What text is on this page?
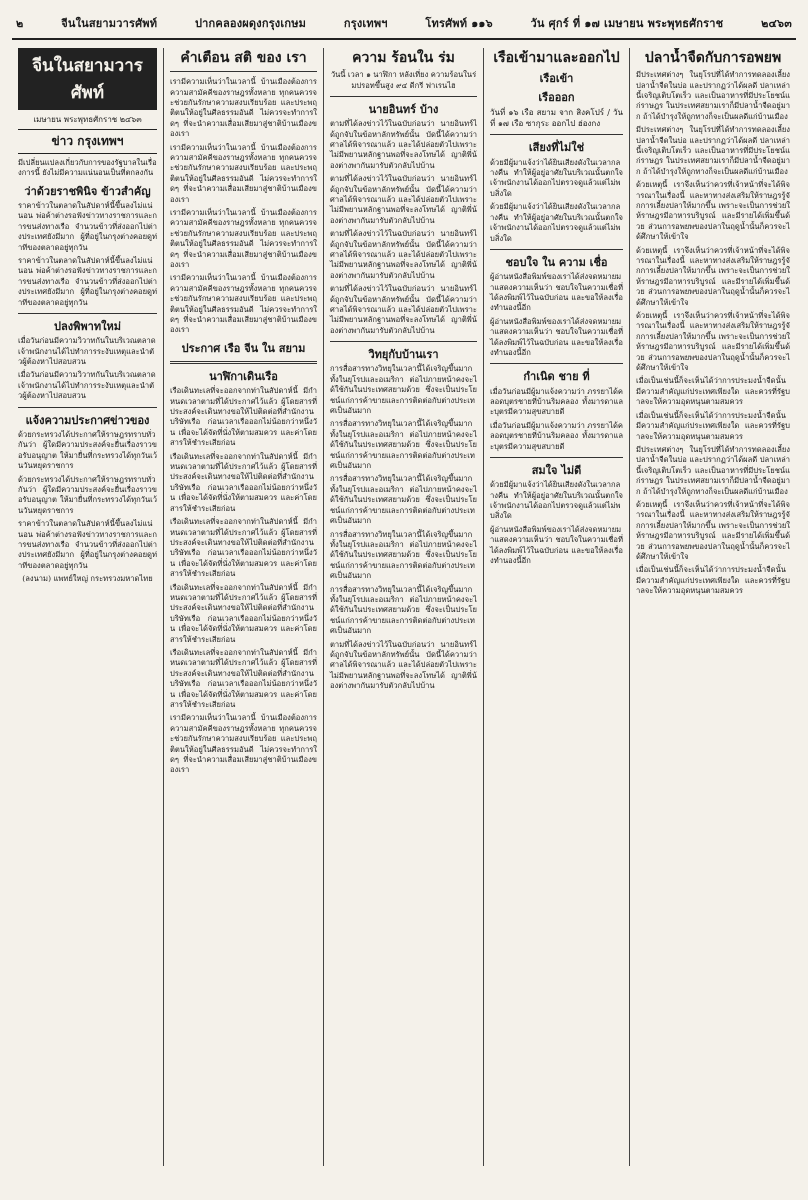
๒	จีนในสยามวารศัพท์	ปากคลองผดุงกรุงเกษม	กรุงเทพฯ	โทรศัพท์ ๑๑๖	วัน ศุกร์ ที่ ๑๗ เมษายน พระพุทธศักราช	๒๔๖๓
จีนในสยามวารศัพท์

เมษายน พระพุทธศักราช ๒๔๖๓

ข่าว กรุงเทพฯ

มีเปลี่ยนแปลงเกี่ยวกับการของรัฐบาลในเรื่องการนี้ ยังไม่มีความแน่นอนเป็นที่ตกลงกัน

ว่าด้วยราชพินิจ ข้าวสำคัญ

ราคาข้าวในตลาดในสัปดาห์นี้ขึ้นลงไม่แน่นอน พ่อค้าต่างรอฟังข่าวทางราชการและการขนส่งทางเรือ จำนวนข้าวที่ส่งออกไปต่างประเทศยังมีมาก ผู้ที่อยู่ในกรุงต่างคอยดูท่าทีของตลาดอยู่ทุกวัน

ราคาข้าวในตลาดในสัปดาห์นี้ขึ้นลงไม่แน่นอน พ่อค้าต่างรอฟังข่าวทางราชการและการขนส่งทางเรือ จำนวนข้าวที่ส่งออกไปต่างประเทศยังมีมาก ผู้ที่อยู่ในกรุงต่างคอยดูท่าทีของตลาดอยู่ทุกวัน

ปลงพิพาทใหม่

เมื่อวันก่อนมีความวิวาทกันในบริเวณตลาด เจ้าพนักงานได้ไปทำการระงับเหตุและนำตัวผู้ต้องหาไปสอบสวน

เมื่อวันก่อนมีความวิวาทกันในบริเวณตลาด เจ้าพนักงานได้ไปทำการระงับเหตุและนำตัวผู้ต้องหาไปสอบสวน

แจ้งความประกาศข่าวของ

ด้วยกระทรวงได้ประกาศให้ราษฎรทราบทั่วกันว่า ผู้ใดมีความประสงค์จะยื่นเรื่องราวขอรับอนุญาต ให้มายื่นที่กระทรวงได้ทุกวันเว้นวันหยุดราชการ

ด้วยกระทรวงได้ประกาศให้ราษฎรทราบทั่วกันว่า ผู้ใดมีความประสงค์จะยื่นเรื่องราวขอรับอนุญาต ให้มายื่นที่กระทรวงได้ทุกวันเว้นวันหยุดราชการ

ราคาข้าวในตลาดในสัปดาห์นี้ขึ้นลงไม่แน่นอน พ่อค้าต่างรอฟังข่าวทางราชการและการขนส่งทางเรือ จำนวนข้าวที่ส่งออกไปต่างประเทศยังมีมาก ผู้ที่อยู่ในกรุงต่างคอยดูท่าทีของตลาดอยู่ทุกวัน

(ลงนาม) แพทย์ใหญ่ กระทรวงมหาดไทย

คำเตือน สติ ของ เรา

เรามีความเห็นว่าในเวลานี้ บ้านเมืองต้องการความสามัคคีของราษฎรทั้งหลาย ทุกคนควรจะช่วยกันรักษาความสงบเรียบร้อย และประพฤติตนให้อยู่ในศีลธรรมอันดี ไม่ควรจะทำการใดๆ ที่จะนำความเสื่อมเสียมาสู่ชาติบ้านเมืองของเรา

เรามีความเห็นว่าในเวลานี้ บ้านเมืองต้องการความสามัคคีของราษฎรทั้งหลาย ทุกคนควรจะช่วยกันรักษาความสงบเรียบร้อย และประพฤติตนให้อยู่ในศีลธรรมอันดี ไม่ควรจะทำการใดๆ ที่จะนำความเสื่อมเสียมาสู่ชาติบ้านเมืองของเรา

เรามีความเห็นว่าในเวลานี้ บ้านเมืองต้องการความสามัคคีของราษฎรทั้งหลาย ทุกคนควรจะช่วยกันรักษาความสงบเรียบร้อย และประพฤติตนให้อยู่ในศีลธรรมอันดี ไม่ควรจะทำการใดๆ ที่จะนำความเสื่อมเสียมาสู่ชาติบ้านเมืองของเรา

เรามีความเห็นว่าในเวลานี้ บ้านเมืองต้องการความสามัคคีของราษฎรทั้งหลาย ทุกคนควรจะช่วยกันรักษาความสงบเรียบร้อย และประพฤติตนให้อยู่ในศีลธรรมอันดี ไม่ควรจะทำการใดๆ ที่จะนำความเสื่อมเสียมาสู่ชาติบ้านเมืองของเรา

ประกาศ เรือ จีน ใน สยาม
นาฬิกาเดินเรือ

เรือเดินทะเลที่จะออกจากท่าในสัปดาห์นี้ มีกำหนดเวลาตามที่ได้ประกาศไว้แล้ว ผู้โดยสารที่ประสงค์จะเดินทางขอให้ไปติดต่อที่สำนักงานบริษัทเรือ ก่อนเวลาเรือออกไม่น้อยกว่าหนึ่งวัน เพื่อจะได้จัดที่นั่งให้ตามสมควร และค่าโดยสารให้ชำระเสียก่อน

เรือเดินทะเลที่จะออกจากท่าในสัปดาห์นี้ มีกำหนดเวลาตามที่ได้ประกาศไว้แล้ว ผู้โดยสารที่ประสงค์จะเดินทางขอให้ไปติดต่อที่สำนักงานบริษัทเรือ ก่อนเวลาเรือออกไม่น้อยกว่าหนึ่งวัน เพื่อจะได้จัดที่นั่งให้ตามสมควร และค่าโดยสารให้ชำระเสียก่อน

เรือเดินทะเลที่จะออกจากท่าในสัปดาห์นี้ มีกำหนดเวลาตามที่ได้ประกาศไว้แล้ว ผู้โดยสารที่ประสงค์จะเดินทางขอให้ไปติดต่อที่สำนักงานบริษัทเรือ ก่อนเวลาเรือออกไม่น้อยกว่าหนึ่งวัน เพื่อจะได้จัดที่นั่งให้ตามสมควร และค่าโดยสารให้ชำระเสียก่อน

เรือเดินทะเลที่จะออกจากท่าในสัปดาห์นี้ มีกำหนดเวลาตามที่ได้ประกาศไว้แล้ว ผู้โดยสารที่ประสงค์จะเดินทางขอให้ไปติดต่อที่สำนักงานบริษัทเรือ ก่อนเวลาเรือออกไม่น้อยกว่าหนึ่งวัน เพื่อจะได้จัดที่นั่งให้ตามสมควร และค่าโดยสารให้ชำระเสียก่อน

เรือเดินทะเลที่จะออกจากท่าในสัปดาห์นี้ มีกำหนดเวลาตามที่ได้ประกาศไว้แล้ว ผู้โดยสารที่ประสงค์จะเดินทางขอให้ไปติดต่อที่สำนักงานบริษัทเรือ ก่อนเวลาเรือออกไม่น้อยกว่าหนึ่งวัน เพื่อจะได้จัดที่นั่งให้ตามสมควร และค่าโดยสารให้ชำระเสียก่อน

เรามีความเห็นว่าในเวลานี้ บ้านเมืองต้องการความสามัคคีของราษฎรทั้งหลาย ทุกคนควรจะช่วยกันรักษาความสงบเรียบร้อย และประพฤติตนให้อยู่ในศีลธรรมอันดี ไม่ควรจะทำการใดๆ ที่จะนำความเสื่อมเสียมาสู่ชาติบ้านเมืองของเรา

ความ ร้อนใน ร่ม

วันนี้ เวลา ๑ นาฬิกา หลังเที่ยง ความร้อนในร่มปรอทขึ้นสูง ๙๔ ดีกรี ฟาเรนไฮ

นายอินทร์ บ้าง

ตามที่ได้ลงข่าวไว้ในฉบับก่อนว่า นายอินทร์ได้ถูกจับในข้อหาลักทรัพย์นั้น บัดนี้ได้ความว่าศาลได้พิจารณาแล้ว และได้ปล่อยตัวไปเพราะไม่มีพยานหลักฐานพอที่จะลงโทษได้ ญาติพี่น้องต่างพากันมารับตัวกลับไปบ้าน

ตามที่ได้ลงข่าวไว้ในฉบับก่อนว่า นายอินทร์ได้ถูกจับในข้อหาลักทรัพย์นั้น บัดนี้ได้ความว่าศาลได้พิจารณาแล้ว และได้ปล่อยตัวไปเพราะไม่มีพยานหลักฐานพอที่จะลงโทษได้ ญาติพี่น้องต่างพากันมารับตัวกลับไปบ้าน

ตามที่ได้ลงข่าวไว้ในฉบับก่อนว่า นายอินทร์ได้ถูกจับในข้อหาลักทรัพย์นั้น บัดนี้ได้ความว่าศาลได้พิจารณาแล้ว และได้ปล่อยตัวไปเพราะไม่มีพยานหลักฐานพอที่จะลงโทษได้ ญาติพี่น้องต่างพากันมารับตัวกลับไปบ้าน

ตามที่ได้ลงข่าวไว้ในฉบับก่อนว่า นายอินทร์ได้ถูกจับในข้อหาลักทรัพย์นั้น บัดนี้ได้ความว่าศาลได้พิจารณาแล้ว และได้ปล่อยตัวไปเพราะไม่มีพยานหลักฐานพอที่จะลงโทษได้ ญาติพี่น้องต่างพากันมารับตัวกลับไปบ้าน

วิทยุกับบ้านเรา

การสื่อสารทางวิทยุในเวลานี้ได้เจริญขึ้นมาก ทั้งในยุโรปและอเมริกา ต่อไปภายหน้าคงจะได้ใช้กันในประเทศสยามด้วย ซึ่งจะเป็นประโยชน์แก่การค้าขายและการติดต่อกับต่างประเทศเป็นอันมาก

การสื่อสารทางวิทยุในเวลานี้ได้เจริญขึ้นมาก ทั้งในยุโรปและอเมริกา ต่อไปภายหน้าคงจะได้ใช้กันในประเทศสยามด้วย ซึ่งจะเป็นประโยชน์แก่การค้าขายและการติดต่อกับต่างประเทศเป็นอันมาก

การสื่อสารทางวิทยุในเวลานี้ได้เจริญขึ้นมาก ทั้งในยุโรปและอเมริกา ต่อไปภายหน้าคงจะได้ใช้กันในประเทศสยามด้วย ซึ่งจะเป็นประโยชน์แก่การค้าขายและการติดต่อกับต่างประเทศเป็นอันมาก

การสื่อสารทางวิทยุในเวลานี้ได้เจริญขึ้นมาก ทั้งในยุโรปและอเมริกา ต่อไปภายหน้าคงจะได้ใช้กันในประเทศสยามด้วย ซึ่งจะเป็นประโยชน์แก่การค้าขายและการติดต่อกับต่างประเทศเป็นอันมาก

การสื่อสารทางวิทยุในเวลานี้ได้เจริญขึ้นมาก ทั้งในยุโรปและอเมริกา ต่อไปภายหน้าคงจะได้ใช้กันในประเทศสยามด้วย ซึ่งจะเป็นประโยชน์แก่การค้าขายและการติดต่อกับต่างประเทศเป็นอันมาก

ตามที่ได้ลงข่าวไว้ในฉบับก่อนว่า นายอินทร์ได้ถูกจับในข้อหาลักทรัพย์นั้น บัดนี้ได้ความว่าศาลได้พิจารณาแล้ว และได้ปล่อยตัวไปเพราะไม่มีพยานหลักฐานพอที่จะลงโทษได้ ญาติพี่น้องต่างพากันมารับตัวกลับไปบ้าน

เรือเข้ามาและออกไป
เรือเข้า
เรือออก

วันที่ ๑๖ เรือ สยาม จาก สิงคโปร์ / วันที่ ๑๗ เรือ ซากุระ ออกไป ฮ่องกง

เสียงที่ไม่ใช่

ด้วยมีผู้มาแจ้งว่าได้ยินเสียงดังในเวลากลางคืน ทำให้ผู้อยู่อาศัยในบริเวณนั้นตกใจ เจ้าพนักงานได้ออกไปตรวจดูแล้วแต่ไม่พบสิ่งใด

ด้วยมีผู้มาแจ้งว่าได้ยินเสียงดังในเวลากลางคืน ทำให้ผู้อยู่อาศัยในบริเวณนั้นตกใจ เจ้าพนักงานได้ออกไปตรวจดูแล้วแต่ไม่พบสิ่งใด

ชอบใจ ใน ความ เชื่อ

ผู้อ่านหนังสือพิมพ์ของเราได้ส่งจดหมายมาแสดงความเห็นว่า ชอบใจในความเชื่อที่ได้ลงพิมพ์ไว้ในฉบับก่อน และขอให้ลงเรื่องทำนองนี้อีก

ผู้อ่านหนังสือพิมพ์ของเราได้ส่งจดหมายมาแสดงความเห็นว่า ชอบใจในความเชื่อที่ได้ลงพิมพ์ไว้ในฉบับก่อน และขอให้ลงเรื่องทำนองนี้อีก

กำเนิด ชาย ที่

เมื่อวันก่อนมีผู้มาแจ้งความว่า ภรรยาได้คลอดบุตรชายที่บ้านริมคลอง ทั้งมารดาและบุตรมีความสุขสบายดี

เมื่อวันก่อนมีผู้มาแจ้งความว่า ภรรยาได้คลอดบุตรชายที่บ้านริมคลอง ทั้งมารดาและบุตรมีความสุขสบายดี

สมใจ ไม่ดี

ด้วยมีผู้มาแจ้งว่าได้ยินเสียงดังในเวลากลางคืน ทำให้ผู้อยู่อาศัยในบริเวณนั้นตกใจ เจ้าพนักงานได้ออกไปตรวจดูแล้วแต่ไม่พบสิ่งใด

ผู้อ่านหนังสือพิมพ์ของเราได้ส่งจดหมายมาแสดงความเห็นว่า ชอบใจในความเชื่อที่ได้ลงพิมพ์ไว้ในฉบับก่อน และขอให้ลงเรื่องทำนองนี้อีก

ปลาน้ำจืดกับการอพยพ

มีประเทศต่างๆ ในยุโรปที่ได้ทำการทดลองเลี้ยงปลาน้ำจืดในบ่อ และปรากฏว่าได้ผลดี ปลาเหล่านี้เจริญเติบโตเร็ว และเป็นอาหารที่มีประโยชน์แก่ราษฎร ในประเทศสยามเราก็มีปลาน้ำจืดอยู่มาก ถ้าได้บำรุงให้ถูกทางก็จะเป็นผลดีแก่บ้านเมือง

มีประเทศต่างๆ ในยุโรปที่ได้ทำการทดลองเลี้ยงปลาน้ำจืดในบ่อ และปรากฏว่าได้ผลดี ปลาเหล่านี้เจริญเติบโตเร็ว และเป็นอาหารที่มีประโยชน์แก่ราษฎร ในประเทศสยามเราก็มีปลาน้ำจืดอยู่มาก ถ้าได้บำรุงให้ถูกทางก็จะเป็นผลดีแก่บ้านเมือง

ด้วยเหตุนี้ เราจึงเห็นว่าควรที่เจ้าหน้าที่จะได้พิจารณาในเรื่องนี้ และหาทางส่งเสริมให้ราษฎรรู้จักการเลี้ยงปลาให้มากขึ้น เพราะจะเป็นการช่วยให้ราษฎรมีอาหารบริบูรณ์ และมีรายได้เพิ่มขึ้นด้วย ส่วนการอพยพของปลาในฤดูน้ำนั้นก็ควรจะได้ศึกษาให้เข้าใจ

ด้วยเหตุนี้ เราจึงเห็นว่าควรที่เจ้าหน้าที่จะได้พิจารณาในเรื่องนี้ และหาทางส่งเสริมให้ราษฎรรู้จักการเลี้ยงปลาให้มากขึ้น เพราะจะเป็นการช่วยให้ราษฎรมีอาหารบริบูรณ์ และมีรายได้เพิ่มขึ้นด้วย ส่วนการอพยพของปลาในฤดูน้ำนั้นก็ควรจะได้ศึกษาให้เข้าใจ

ด้วยเหตุนี้ เราจึงเห็นว่าควรที่เจ้าหน้าที่จะได้พิจารณาในเรื่องนี้ และหาทางส่งเสริมให้ราษฎรรู้จักการเลี้ยงปลาให้มากขึ้น เพราะจะเป็นการช่วยให้ราษฎรมีอาหารบริบูรณ์ และมีรายได้เพิ่มขึ้นด้วย ส่วนการอพยพของปลาในฤดูน้ำนั้นก็ควรจะได้ศึกษาให้เข้าใจ

เมื่อเป็นเช่นนี้ก็จะเห็นได้ว่าการประมงน้ำจืดนั้นมีความสำคัญแก่ประเทศเพียงใด และควรที่รัฐบาลจะให้ความอุดหนุนตามสมควร

เมื่อเป็นเช่นนี้ก็จะเห็นได้ว่าการประมงน้ำจืดนั้นมีความสำคัญแก่ประเทศเพียงใด และควรที่รัฐบาลจะให้ความอุดหนุนตามสมควร

มีประเทศต่างๆ ในยุโรปที่ได้ทำการทดลองเลี้ยงปลาน้ำจืดในบ่อ และปรากฏว่าได้ผลดี ปลาเหล่านี้เจริญเติบโตเร็ว และเป็นอาหารที่มีประโยชน์แก่ราษฎร ในประเทศสยามเราก็มีปลาน้ำจืดอยู่มาก ถ้าได้บำรุงให้ถูกทางก็จะเป็นผลดีแก่บ้านเมือง

ด้วยเหตุนี้ เราจึงเห็นว่าควรที่เจ้าหน้าที่จะได้พิจารณาในเรื่องนี้ และหาทางส่งเสริมให้ราษฎรรู้จักการเลี้ยงปลาให้มากขึ้น เพราะจะเป็นการช่วยให้ราษฎรมีอาหารบริบูรณ์ และมีรายได้เพิ่มขึ้นด้วย ส่วนการอพยพของปลาในฤดูน้ำนั้นก็ควรจะได้ศึกษาให้เข้าใจ

เมื่อเป็นเช่นนี้ก็จะเห็นได้ว่าการประมงน้ำจืดนั้นมีความสำคัญแก่ประเทศเพียงใด และควรที่รัฐบาลจะให้ความอุดหนุนตามสมควร
